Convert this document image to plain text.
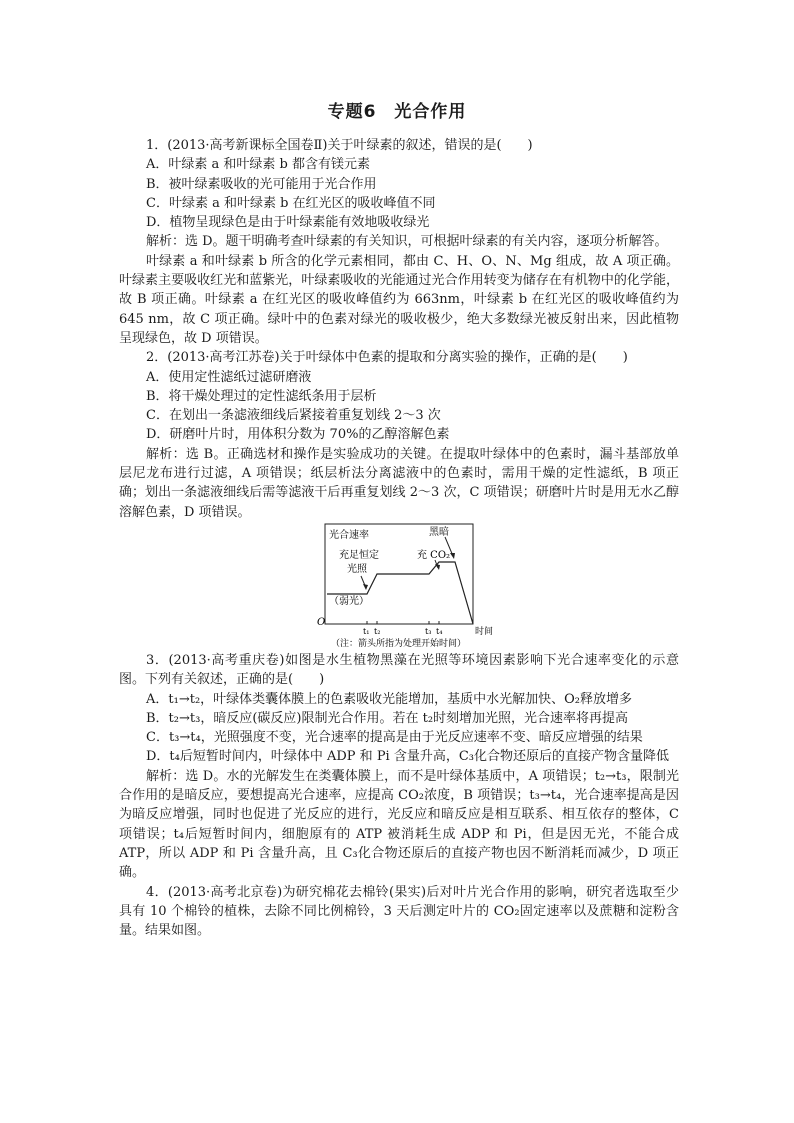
专题6　光合作用

1．(2013·高考新课标全国卷Ⅱ)关于叶绿素的叙述，错误的是(　　)

A．叶绿素 a 和叶绿素 b 都含有镁元素

B．被叶绿素吸收的光可能用于光合作用

C．叶绿素 a 和叶绿素 b 在红光区的吸收峰值不同

D．植物呈现绿色是由于叶绿素能有效地吸收绿光

解析：选 D。题干明确考查叶绿素的有关知识，可根据叶绿素的有关内容，逐项分析解答。

叶绿素 a 和叶绿素 b 所含的化学元素相同，都由 C、H、O、N、Mg 组成，故 A 项正确。叶绿素主要吸收红光和蓝紫光，叶绿素吸收的光能通过光合作用转变为储存在有机物中的化学能，故 B 项正确。叶绿素 a 在红光区的吸收峰值约为 663nm，叶绿素 b 在红光区的吸收峰值约为 645 nm，故 C 项正确。绿叶中的色素对绿光的吸收极少，绝大多数绿光被反射出来，因此植物呈现绿色，故 D 项错误。

2．(2013·高考江苏卷)关于叶绿体中色素的提取和分离实验的操作，正确的是(　　)

A．使用定性滤纸过滤研磨液

B．将干燥处理过的定性滤纸条用于层析

C．在划出一条滤液细线后紧接着重复划线 2～3 次

D．研磨叶片时，用体积分数为 70%的乙醇溶解色素

解析：选 B。正确选材和操作是实验成功的关键。在提取叶绿体中的色素时，漏斗基部放单层尼龙布进行过滤，A 项错误；纸层析法分离滤液中的色素时，需用干燥的定性滤纸，B 项正确；划出一条滤液细线后需等滤液干后再重复划线 2～3 次，C 项错误；研磨叶片时是用无水乙醇溶解色素，D 项错误。

光合速率
充足恒定
光照
（弱光）
充 CO₂
黑暗
O
t₁ t₂	t₃ t₄	时间
（注：箭头所指为处理开始时间）

3．(2013·高考重庆卷)如图是水生植物黑藻在光照等环境因素影响下光合速率变化的示意图。下列有关叙述，正确的是(　　)

A．t₁→t₂，叶绿体类囊体膜上的色素吸收光能增加，基质中水光解加快、O₂释放增多

B．t₂→t₃，暗反应(碳反应)限制光合作用。若在 t₂时刻增加光照，光合速率将再提高

C．t₃→t₄，光照强度不变，光合速率的提高是由于光反应速率不变、暗反应增强的结果

D．t₄后短暂时间内，叶绿体中 ADP 和 Pi 含量升高，C₃化合物还原后的直接产物含量降低

解析：选 D。水的光解发生在类囊体膜上，而不是叶绿体基质中，A 项错误；t₂→t₃，限制光合作用的是暗反应，要想提高光合速率，应提高 CO₂浓度，B 项错误；t₃→t₄，光合速率提高是因为暗反应增强，同时也促进了光反应的进行，光反应和暗反应是相互联系、相互依存的整体，C 项错误；t₄后短暂时间内，细胞原有的 ATP 被消耗生成 ADP 和 Pi，但是因无光，不能合成 ATP，所以 ADP 和 Pi 含量升高，且 C₃化合物还原后的直接产物也因不断消耗而减少，D 项正确。

4．(2013·高考北京卷)为研究棉花去棉铃(果实)后对叶片光合作用的影响，研究者选取至少具有 10 个棉铃的植株，去除不同比例棉铃，3 天后测定叶片的 CO₂固定速率以及蔗糖和淀粉含量。结果如图。
